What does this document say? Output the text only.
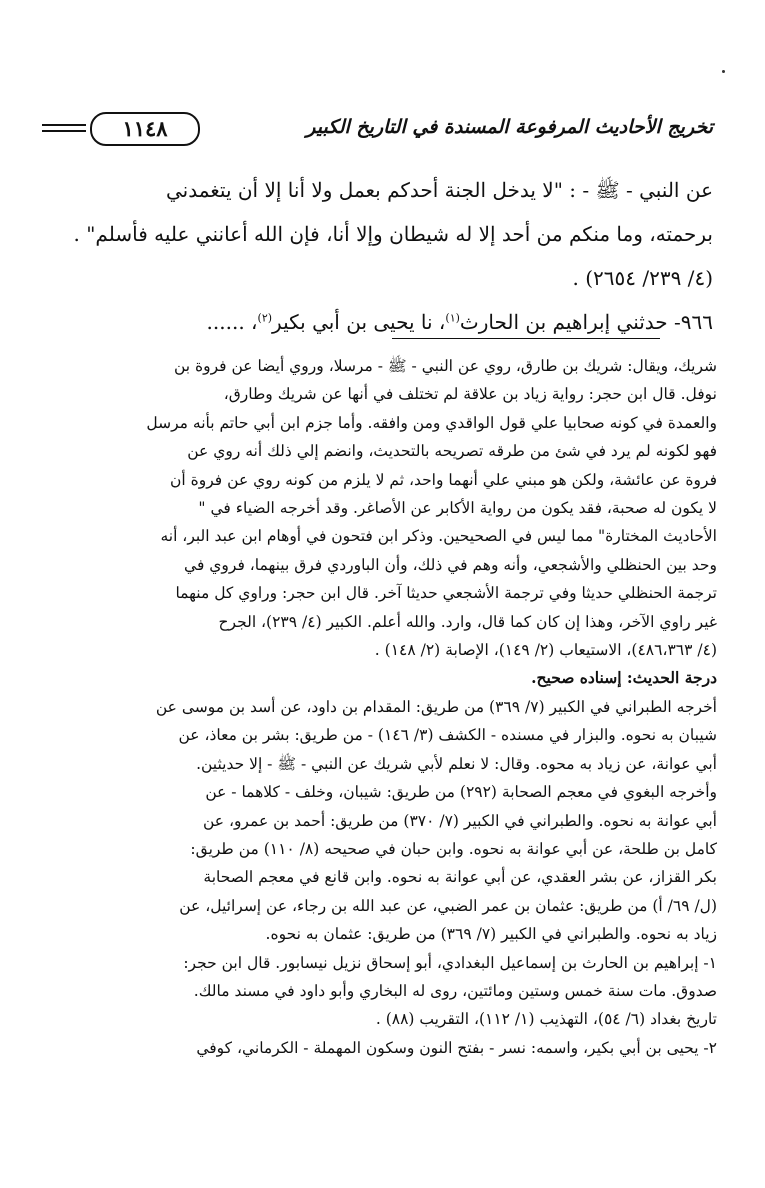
١١٤٨	تخريج الأحاديث المرفوعة المسندة في التاريخ الكبير

عن النبي - ﷺ - : "لا يدخل الجنة أحدكم بعمل ولا أنا إلا أن يتغمدني

برحمته، وما منكم من أحد إلا له شيطان وإلا أنا، فإن الله أعانني عليه فأسلم" .

(٤/ ٢٣٩/ ٢٦٥٤) .

٩٦٦- حدثني إبراهيم بن الحارث$^{(١)}$، نا يحيى بن أبي بكير$^{(٢)}$، ......

شريك، ويقال: شريك بن طارق، روي عن النبي - ﷺ - مرسلا، وروي أيضا عن فروة بن

نوفل. قال ابن حجر: رواية زياد بن علاقة لم تختلف في أنها عن شريك وطارق،

والعمدة في كونه صحابيا علي قول الواقدي ومن وافقه. وأما جزم ابن أبي حاتم بأنه مرسل

فهو لكونه لم يرد في شئ من طرقه تصريحه بالتحديث، وانضم إلي ذلك أنه روي عن

فروة عن عائشة، ولكن هو مبني علي أنهما واحد، ثم لا يلزم من كونه روي عن فروة أن

لا يكون له صحبة، فقد يكون من رواية الأكابر عن الأصاغر. وقد أخرجه الضياء في "

الأحاديث المختارة" مما ليس في الصحيحين. وذكر ابن فتحون في أوهام ابن عبد البر، أنه

وحد بين الحنظلي والأشجعي، وأنه وهم في ذلك، وأن الباوردي فرق بينهما، فروي في

ترجمة الحنظلي حديثا وفي ترجمة الأشجعي حديثا آخر. قال ابن حجر: وراوي كل منهما

غير راوي الآخر، وهذا إن كان كما قال، وارد. والله أعلم. الكبير (٤/ ٢٣٩)، الجرح

(٤/ ٤٨٦،٣٦٣)، الاستيعاب (٢/ ١٤٩)، الإصابة (٢/ ١٤٨) .

درجة الحديث: إسناده صحيح.

أخرجه الطبراني في الكبير (٧/ ٣٦٩) من طريق: المقدام بن داود، عن أسد بن موسى عن

شيبان به نحوه. والبزار في مسنده - الكشف (٣/ ١٤٦) - من طريق: بشر بن معاذ، عن

أبي عوانة، عن زياد به محوه. وقال: لا نعلم لأبي شريك عن النبي - ﷺ - إلا حديثين.

وأخرجه البغوي في معجم الصحابة (٢٩٢) من طريق: شيبان، وخلف - كلاهما - عن

أبي عوانة به نحوه. والطبراني في الكبير (٧/ ٣٧٠) من طريق: أحمد بن عمرو، عن

كامل بن طلحة، عن أبي عوانة به نحوه. وابن حبان في صحيحه (٨/ ١١٠) من طريق:

بكر القزاز، عن بشر العقدي، عن أبي عوانة به نحوه. وابن قانع في معجم الصحابة

(ل/ ٦٩/ أ) من طريق: عثمان بن عمر الضبي، عن عبد الله بن رجاء، عن إسرائيل، عن

زياد به نحوه. والطبراني في الكبير (٧/ ٣٦٩) من طريق: عثمان به نحوه.

١- إبراهيم بن الحارث بن إسماعيل البغدادي، أبو إسحاق نزيل نيسابور. قال ابن حجر:

صدوق. مات سنة خمس وستين ومائتين، روى له البخاري وأبو داود في مسند مالك.

تاريخ بغداد (٦/ ٥٤)، التهذيب (١/ ١١٢)، التقريب (٨٨) .

٢- يحيى بن أبي بكير، واسمه: نسر - بفتح النون وسكون المهملة - الكرماني، كوفي
